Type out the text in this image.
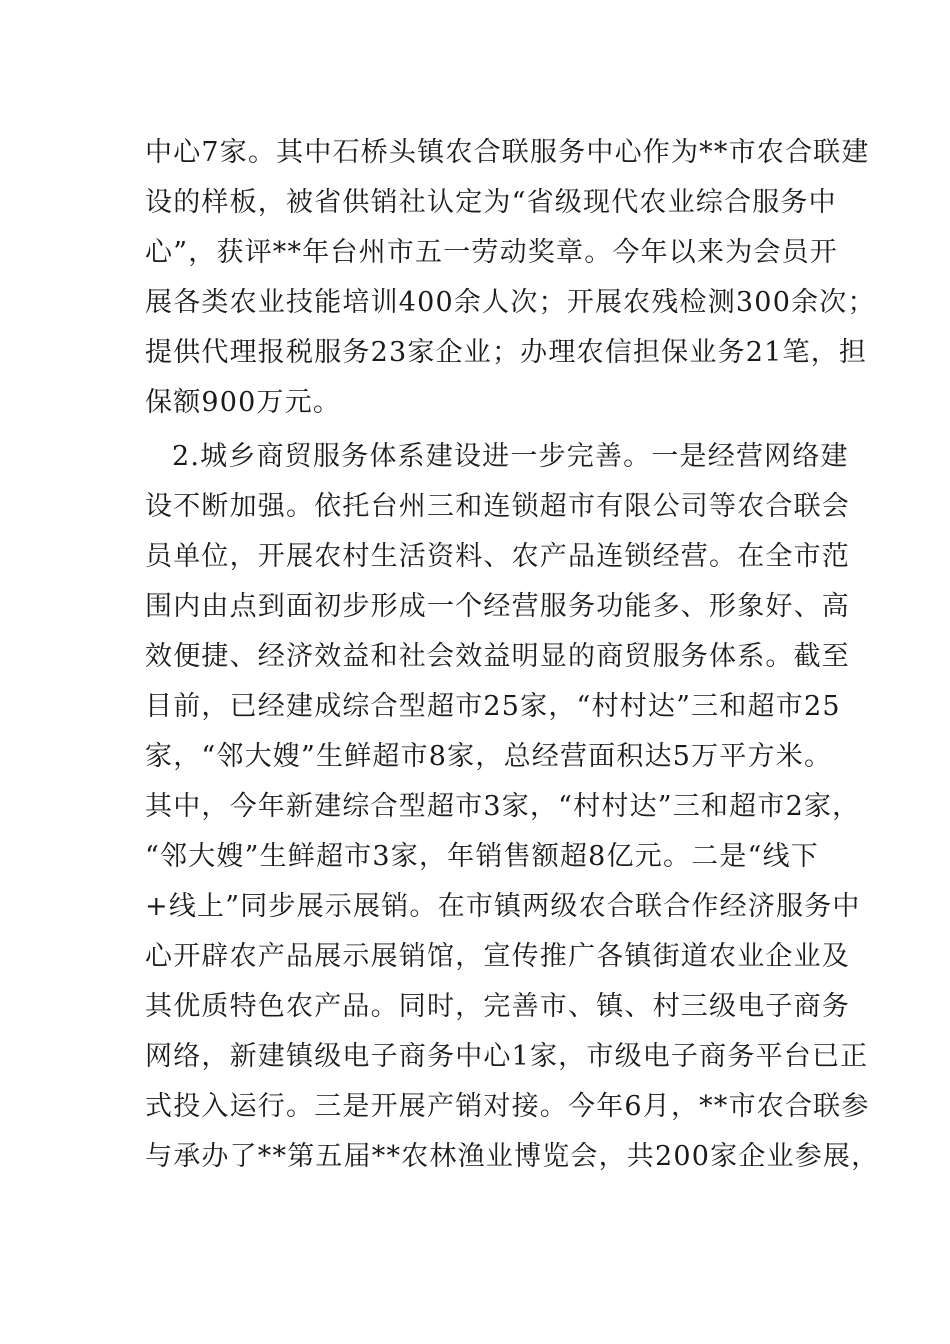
中心7家。其中石桥头镇农合联服务中心作为**市农合联建
设的样板，被省供销社认定为“省级现代农业综合服务中
心”，获评**年台州市五一劳动奖章。今年以来为会员开
展各类农业技能培训400余人次；开展农残检测300余次；
提供代理报税服务23家企业；办理农信担保业务21笔，担
保额900万元。
2.城乡商贸服务体系建设进一步完善。一是经营网络建
设不断加强。依托台州三和连锁超市有限公司等农合联会
员单位，开展农村生活资料、农产品连锁经营。在全市范
围内由点到面初步形成一个经营服务功能多、形象好、高
效便捷、经济效益和社会效益明显的商贸服务体系。截至
目前，已经建成综合型超市25家，“村村达”三和超市25
家，“邻大嫂”生鲜超市8家，总经营面积达5万平方米。
其中，今年新建综合型超市3家，“村村达”三和超市2家，
“邻大嫂”生鲜超市3家，年销售额超8亿元。二是“线下
+线上”同步展示展销。在市镇两级农合联合作经济服务中
心开辟农产品展示展销馆，宣传推广各镇街道农业企业及
其优质特色农产品。同时，完善市、镇、村三级电子商务
网络，新建镇级电子商务中心1家，市级电子商务平台已正
式投入运行。三是开展产销对接。今年6月，**市农合联参
与承办了**第五届**农林渔业博览会，共200家企业参展，
